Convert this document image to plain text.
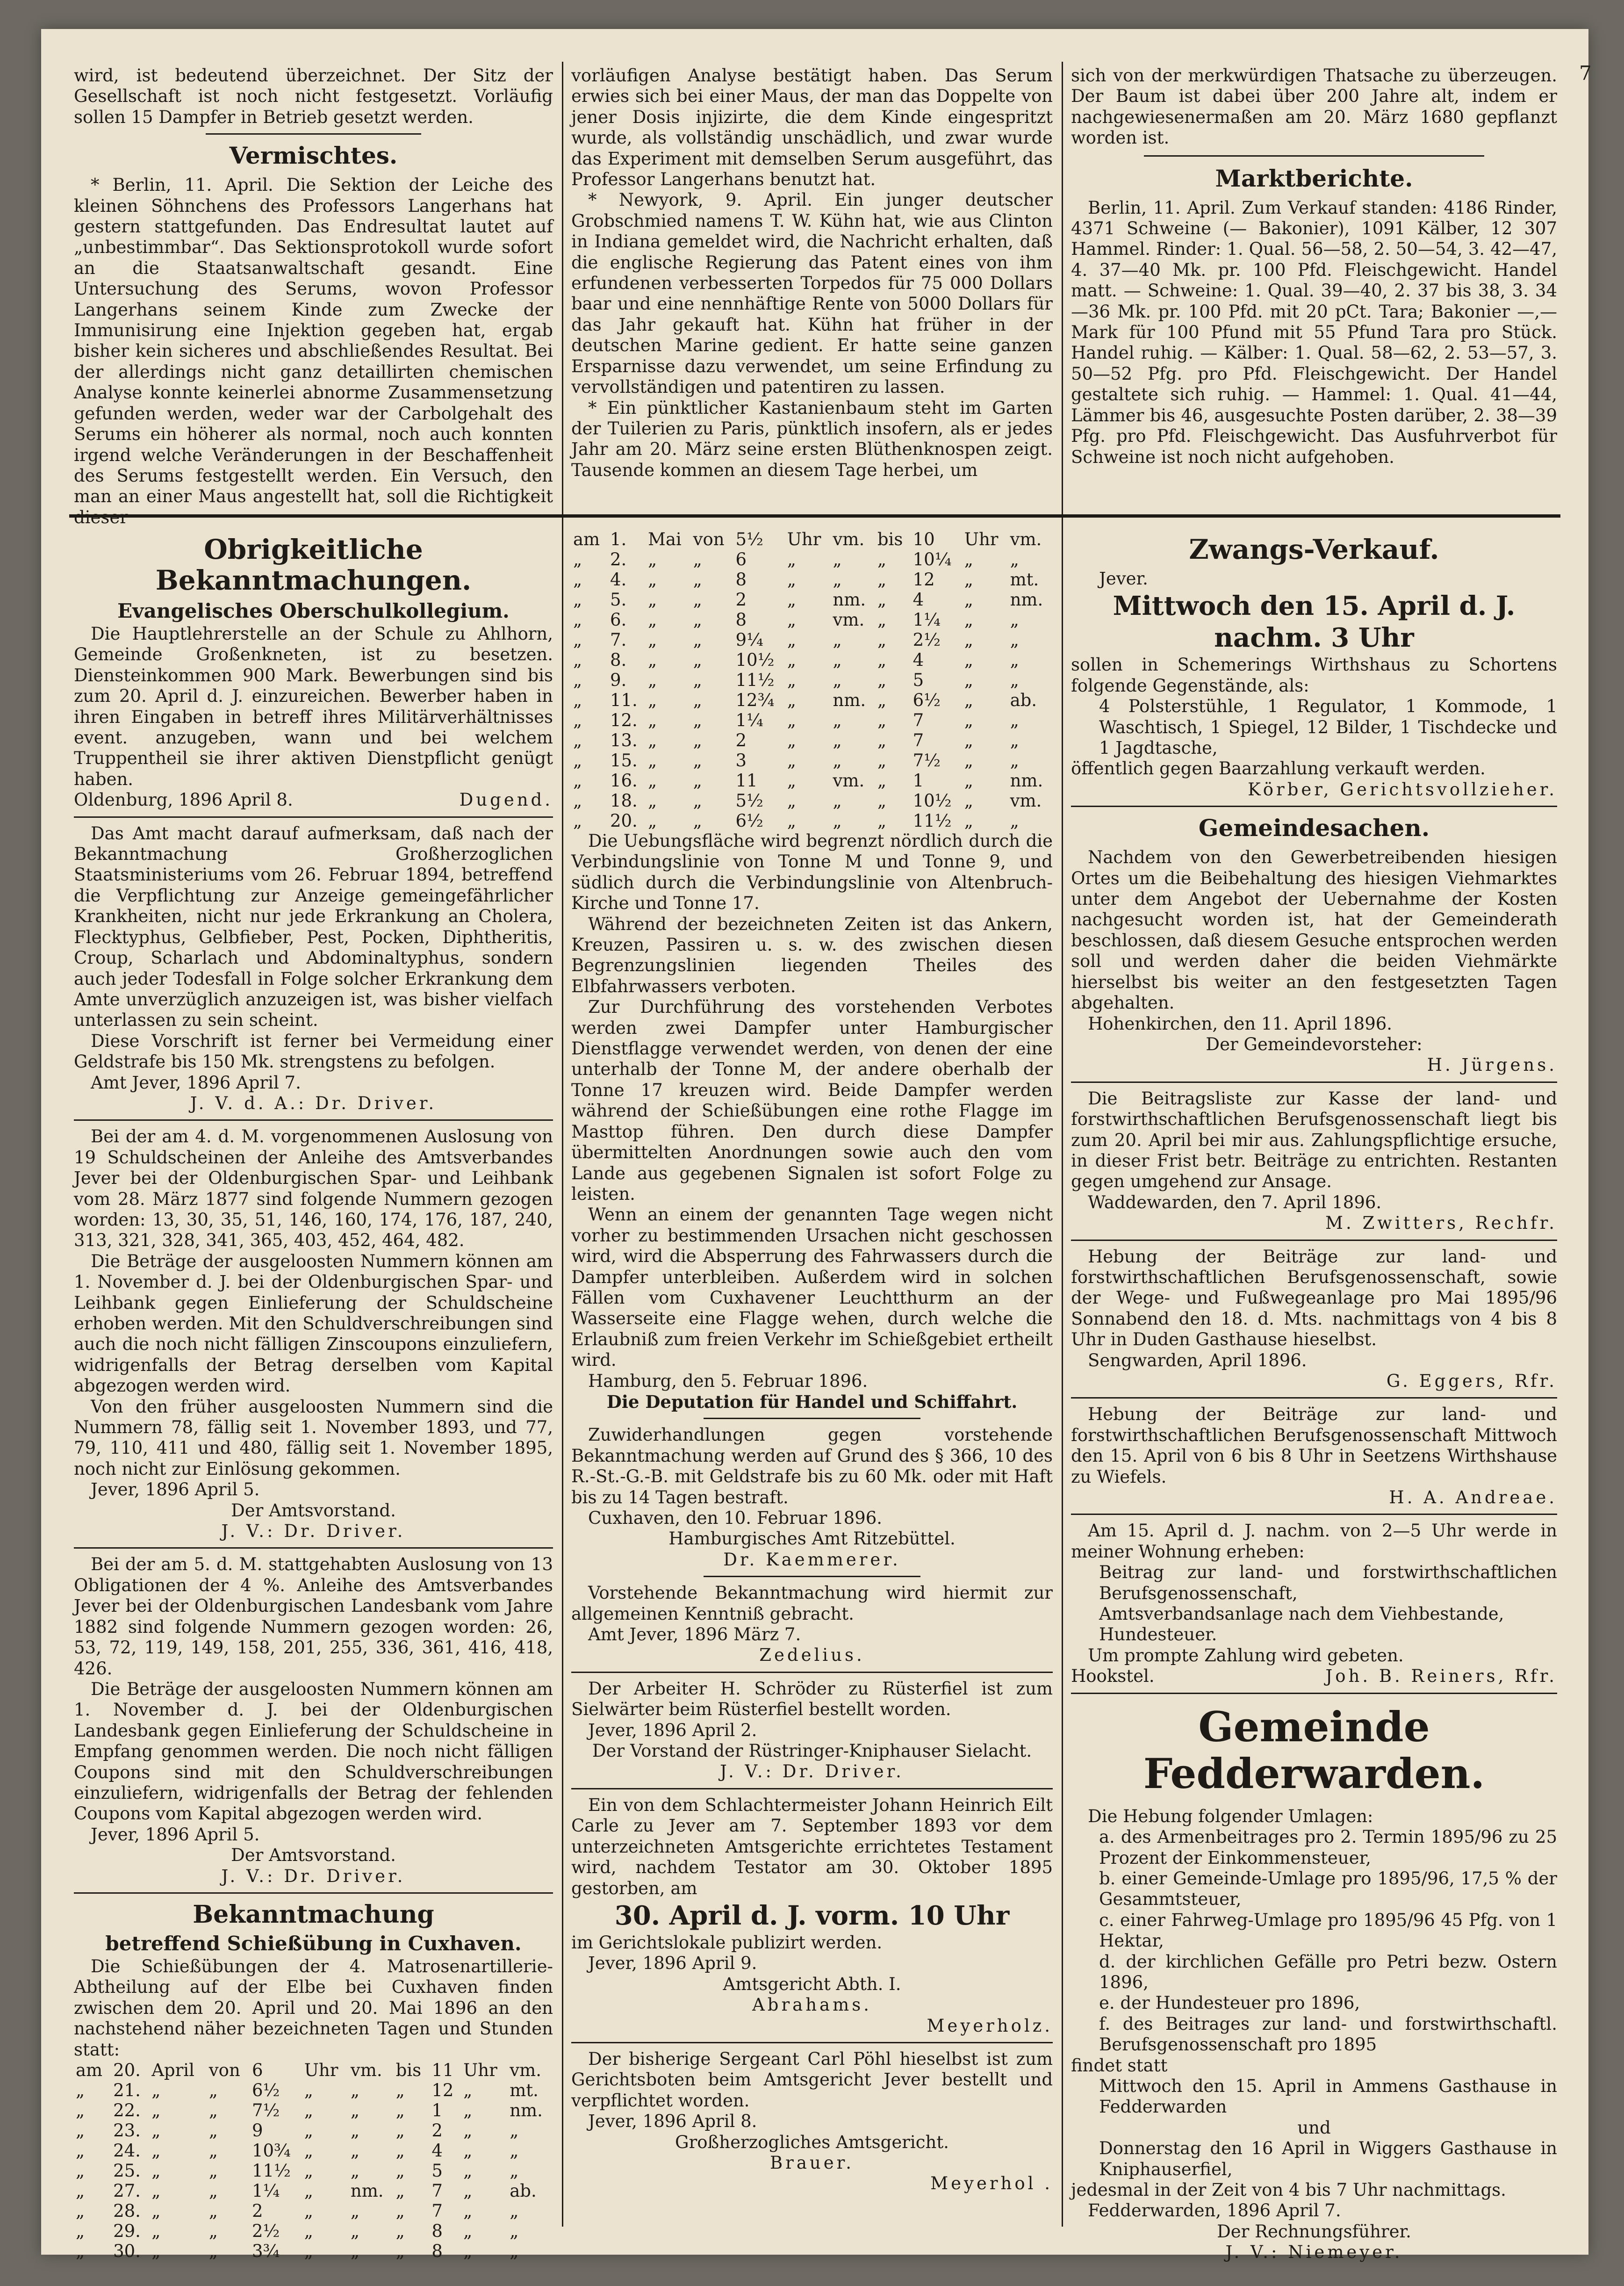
7

wird, ist bedeutend überzeichnet. Der Sitz der Gesellschaft ist noch nicht festgesetzt. Vorläufig sollen 15 Dampfer in Betrieb gesetzt werden.

Vermischtes.

* Berlin, 11. April. Die Sektion der Leiche des kleinen Söhnchens des Professors Langerhans hat gestern stattgefunden. Das Endresultat lautet auf „unbestimmbar“. Das Sektionsprotokoll wurde sofort an die Staatsanwaltschaft gesandt. Eine Untersuchung des Serums, wovon Professor Langerhans seinem Kinde zum Zwecke der Immunisirung eine Injektion gegeben hat, ergab bisher kein sicheres und abschließendes Resultat. Bei der allerdings nicht ganz detaillirten chemischen Analyse konnte keinerlei abnorme Zusammensetzung gefunden werden, weder war der Carbolgehalt des Serums ein höherer als normal, noch auch konnten irgend welche Veränderungen in der Beschaffenheit des Serums festgestellt werden. Ein Versuch, den man an einer Maus angestellt hat, soll die Richtigkeit

vorläufigen Analyse bestätigt haben. Das Serum erwies sich bei einer Maus, der man das Doppelte von jener Dosis injizirte, die dem Kinde eingespritzt wurde, als vollständig unschädlich, und zwar wurde das Experiment mit demselben Serum ausgeführt, das Professor Langerhans benutzt hat.

* Newyork, 9. April. Ein junger deutscher Grobschmied namens T. W. Kühn hat, wie aus Clinton in Indiana gemeldet wird, die Nachricht erhalten, daß die englische Regierung das Patent eines von ihm erfundenen verbesserten Torpedos für 75 000 Dollars baar und eine nennhäftige Rente von 5000 Dollars für das Jahr gekauft hat. Kühn hat früher in der deutschen Marine gedient. Er hatte seine ganzen Ersparnisse dazu verwendet, um seine Erfindung zu vervollständigen und patentiren zu lassen.

* Ein pünktlicher Kastanienbaum steht im Garten der Tuilerien zu Paris, pünktlich insofern, als er jedes Jahr am 20. März seine ersten Blüthenknospen zeigt. Tausende kommen an diesem Tage herbei, um

sich von der merkwürdigen Thatsache zu überzeugen. Der Baum ist dabei über 200 Jahre alt, indem er nachgewiesenermaßen am 20. März 1680 gepflanzt worden ist.

Marktberichte.

Berlin, 11. April. Zum Verkauf standen: 4186 Rinder, 4371 Schweine (— Bakonier), 1091 Kälber, 12 307 Hammel. Rinder: 1. Qual. 56—58, 2. 50—54, 3. 42—47, 4. 37—40 Mk. pr. 100 Pfd. Fleischgewicht. Handel matt. — Schweine: 1. Qual. 39—40, 2. 37 bis 38, 3. 34—36 Mk. pr. 100 Pfd. mit 20 pCt. Tara; Bakonier —,— Mark für 100 Pfund mit 55 Pfund Tara pro Stück. Handel ruhig. — Kälber: 1. Qual. 58—62, 2. 53—57, 3. 50—52 Pfg. pro Pfd. Fleischgewicht. Der Handel gestaltete sich ruhig. — Hammel: 1. Qual. 41—44, Lämmer bis 46, ausgesuchte Posten darüber, 2. 38—39 Pfg. pro Pfd. Fleischgewicht. Das Ausfuhrverbot für Schweine ist noch nicht aufgehoben.

Obrigkeitliche Bekanntmachungen.
Evangelisches Oberschulkollegium.

Die Hauptlehrerstelle an der Schule zu Ahlhorn, Gemeinde Großenkneten, ist zu besetzen. Diensteinkommen 900 Mark. Bewerbungen sind bis zum 20. April d. J. einzureichen. Bewerber haben in ihren Eingaben in betreff ihres Militärverhältnisses event. anzugeben, wann und bei welchem Truppentheil sie ihrer aktiven Dienstpflicht genügt haben.

Oldenburg, 1896 April 8.	Dugend.

Das Amt macht darauf aufmerksam, daß nach der Bekanntmachung Großherzoglichen Staatsministeriums vom 26. Februar 1894, betreffend die Verpflichtung zur Anzeige gemeingefährlicher Krankheiten, nicht nur jede Erkrankung an Cholera, Flecktyphus, Gelbfieber, Pest, Pocken, Diphtheritis, Croup, Scharlach und Abdominaltyphus, sondern auch jeder Todesfall in Folge solcher Erkrankung dem Amte unverzüglich anzuzeigen ist, was bisher vielfach unterlassen zu sein scheint.

Diese Vorschrift ist ferner bei Vermeidung einer Geldstrafe bis 150 Mk. strengstens zu befolgen.

Amt Jever, 1896 April 7.

J. V. d. A.: Dr. Driver.

Bei der am 4. d. M. vorgenommenen Auslosung von 19 Schuldscheinen der Anleihe des Amtsverbandes Jever bei der Oldenburgischen Spar- und Leihbank vom 28. März 1877 sind folgende Nummern gezogen worden: 13, 30, 35, 51, 146, 160, 174, 176, 187, 240, 313, 321, 328, 341, 365, 403, 452, 464, 482.

Die Beträge der ausgeloosten Nummern können am 1. November d. J. bei der Oldenburgischen Spar- und Leihbank gegen Einlieferung der Schuldscheine erhoben werden. Mit den Schuldverschreibungen sind auch die noch nicht fälligen Zinscoupons einzuliefern, widrigenfalls der Betrag derselben vom Kapital abgezogen werden wird.

Von den früher ausgeloosten Nummern sind die Nummern 78, fällig seit 1. November 1893, und 77, 79, 110, 411 und 480, fällig seit 1. November 1895, noch nicht zur Einlösung gekommen.

Jever, 1896 April 5.

Der Amtsvorstand.

J. V.: Dr. Driver.

Bei der am 5. d. M. stattgehabten Auslosung von 13 Obligationen der 4 %. Anleihe des Amtsverbandes Jever bei der Oldenburgischen Landesbank vom Jahre 1882 sind folgende Nummern gezogen worden: 26, 53, 72, 119, 149, 158, 201, 255, 336, 361, 416, 418, 426.

Die Beträge der ausgeloosten Nummern können am 1. November d. J. bei der Oldenburgischen Landesbank gegen Einlieferung der Schuldscheine in Empfang genommen werden. Die noch nicht fälligen Coupons sind mit den Schuldverschreibungen einzuliefern, widrigenfalls der Betrag der fehlenden Coupons vom Kapital abgezogen werden wird.

Jever, 1896 April 5.

Der Amtsvorstand.

J. V.: Dr. Driver.

Bekanntmachung
betreffend Schießübung in Cuxhaven.

Die Schießübungen der 4. Matrosenartillerie-Abtheilung auf der Elbe bei Cuxhaven finden zwischen dem 20. April und 20. Mai 1896 an den nachstehend näher bezeichneten Tagen und Stunden statt:

am	20.	April	von	6	Uhr	vm.	bis	11	Uhr	vm.
„	21.	„	„	6½	„	„	„	12	„	mt.
„	22.	„	„	7½	„	„	„	1	„	nm.
„	23.	„	„	9	„	„	„	2	„	„
„	24.	„	„	10¾	„	„	„	4	„	„
„	25.	„	„	11½	„	„	„	5	„	„
„	27.	„	„	1¼	„	nm.	„	7	„	ab.
„	28.	„	„	2	„	„	„	7	„	„
„	29.	„	„	2½	„	„	„	8	„	„
„	30.	„	„	3¾	„	„	„	8	„	„
am	1.	Mai	von	5½	Uhr	vm.	bis	10	Uhr	vm.
„	2.	„	„	6	„	„	„	10¼	„	„
„	4.	„	„	8	„	„	„	12	„	mt.
„	5.	„	„	2	„	nm.	„	4	„	nm.
„	6.	„	„	8	„	vm.	„	1¼	„	„
„	7.	„	„	9¼	„	„	„	2½	„	„
„	8.	„	„	10½	„	„	„	4	„	„
„	9.	„	„	11½	„	„	„	5	„	„
„	11.	„	„	12¾	„	nm.	„	6½	„	ab.
„	12.	„	„	1¼	„	„	„	7	„	„
„	13.	„	„	2	„	„	„	7	„	„
„	15.	„	„	3	„	„	„	7½	„	„
„	16.	„	„	11	„	vm.	„	1	„	nm.
„	18.	„	„	5½	„	„	„	10½	„	vm.
„	20.	„	„	6½	„	„	„	11½	„	„

Die Uebungsfläche wird begrenzt nördlich durch die Verbindungslinie von Tonne M und Tonne 9, und südlich durch die Verbindungslinie von Altenbruch-Kirche und Tonne 17.

Während der bezeichneten Zeiten ist das Ankern, Kreuzen, Passiren u. s. w. des zwischen diesen Begrenzungslinien liegenden Theiles des Elbfahrwassers verboten.

Zur Durchführung des vorstehenden Verbotes werden zwei Dampfer unter Hamburgischer Dienstflagge verwendet werden, von denen der eine unterhalb der Tonne M, der andere oberhalb der Tonne 17 kreuzen wird. Beide Dampfer werden während der Schießübungen eine rothe Flagge im Masttop führen. Den durch diese Dampfer übermittelten Anordnungen sowie auch den vom Lande aus gegebenen Signalen ist sofort Folge zu leisten.

Wenn an einem der genannten Tage wegen nicht vorher zu bestimmenden Ursachen nicht geschossen wird, wird die Absperrung des Fahrwassers durch die Dampfer unterbleiben. Außerdem wird in solchen Fällen vom Cuxhavener Leuchtthurm an der Wasserseite eine Flagge wehen, durch welche die Erlaubniß zum freien Verkehr im Schießgebiet ertheilt wird.

Hamburg, den 5. Februar 1896.

Die Deputation für Handel und Schiffahrt.

Zuwiderhandlungen gegen vorstehende Bekanntmachung werden auf Grund des § 366, 10 des R.-St.-G.-B. mit Geldstrafe bis zu 60 Mk. oder mit Haft bis zu 14 Tagen bestraft.

Cuxhaven, den 10. Februar 1896.

Hamburgisches Amt Ritzebüttel.

Dr. Kaemmerer.

Vorstehende Bekanntmachung wird hiermit zur allgemeinen Kenntniß gebracht.

Amt Jever, 1896 März 7.

Zedelius.

Der Arbeiter H. Schröder zu Rüsterfiel ist zum Sielwärter beim Rüsterfiel bestellt worden.

Jever, 1896 April 2.

Der Vorstand der Rüstringer-Kniphauser Sielacht.

J. V.: Dr. Driver.

Ein von dem Schlachtermeister Johann Heinrich Eilt Carle zu Jever am 7. September 1893 vor dem unterzeichneten Amtsgerichte errichtetes Testament wird, nachdem Testator am 30. Oktober 1895 gestorben, am

30. April d. J. vorm. 10 Uhr

im Gerichtslokale publizirt werden.

Jever, 1896 April 9.

Amtsgericht Abth. I.

Abrahams.

Meyerholz.

Der bisherige Sergeant Carl Pöhl hieselbst ist zum Gerichtsboten beim Amtsgericht Jever bestellt und verpflichtet worden.

Jever, 1896 April 8.

Großherzogliches Amtsgericht.

Brauer.

Meyerhol .

Zwangs-Verkauf.

Jever.

Mittwoch den 15. April d. J.
nachm. 3 Uhr

sollen in Schemerings Wirthshaus zu Schortens folgende Gegenstände, als:

4 Polsterstühle, 1 Regulator, 1 Kommode, 1 Waschtisch, 1 Spiegel, 12 Bilder, 1 Tischdecke und 1 Jagdtasche,

öffentlich gegen Baarzahlung verkauft werden.

Körber, Gerichtsvollzieher.

Gemeindesachen.

Nachdem von den Gewerbetreibenden hiesigen Ortes um die Beibehaltung des hiesigen Viehmarktes unter dem Angebot der Uebernahme der Kosten nachgesucht worden ist, hat der Gemeinderath beschlossen, daß diesem Gesuche entsprochen werden soll und werden daher die beiden Viehmärkte hierselbst bis weiter an den festgesetzten Tagen abgehalten.

Hohenkirchen, den 11. April 1896.

Der Gemeindevorsteher:

H. Jürgens.

Die Beitragsliste zur Kasse der land- und forstwirthschaftlichen Berufsgenossenschaft liegt bis zum 20. April bei mir aus. Zahlungspflichtige ersuche, in dieser Frist betr. Beiträge zu entrichten. Restanten gegen umgehend zur Ansage.

Waddewarden, den 7. April 1896.

M. Zwitters, Rechfr.

Hebung der Beiträge zur land- und forstwirthschaftlichen Berufsgenossenschaft, sowie der Wege- und Fußwegeanlage pro Mai 1895/96 Sonnabend den 18. d. Mts. nachmittags von 4 bis 8 Uhr in Duden Gasthause hieselbst.

Sengwarden, April 1896.

G. Eggers, Rfr.

Hebung der Beiträge zur land- und forstwirthschaftlichen Berufsgenossenschaft Mittwoch den 15. April von 6 bis 8 Uhr in Seetzens Wirthshause zu Wiefels.

H. A. Andreae.

Am 15. April d. J. nachm. von 2—5 Uhr werde in meiner Wohnung erheben:

Beitrag zur land- und forstwirthschaftlichen Berufsgenossenschaft,

Amtsverbandsanlage nach dem Viehbestande,

Hundesteuer.

Um prompte Zahlung wird gebeten.

Hookstel.	Joh. B. Reiners, Rfr.

Gemeinde Fedderwarden.

Die Hebung folgender Umlagen:

a. des Armenbeitrages pro 2. Termin 1895/96 zu 25 Prozent der Einkommensteuer,

b. einer Gemeinde-Umlage pro 1895/96, 17,5 % der Gesammtsteuer,

c. einer Fahrweg-Umlage pro 1895/96 45 Pfg. von 1 Hektar,

d. der kirchlichen Gefälle pro Petri bezw. Ostern 1896,

e. der Hundesteuer pro 1896,

f. des Beitrages zur land- und forstwirthschaftl. Berufsgenossenschaft pro 1895

findet statt

Mittwoch den 15. April in Ammens Gasthause in Fedderwarden

und

Donnerstag den 16 April in Wiggers Gasthause in Kniphauserfiel,

jedesmal in der Zeit von 4 bis 7 Uhr nachmittags.

Fedderwarden, 1896 April 7.

Der Rechnungsführer.

J. V.: Niemeyer.
